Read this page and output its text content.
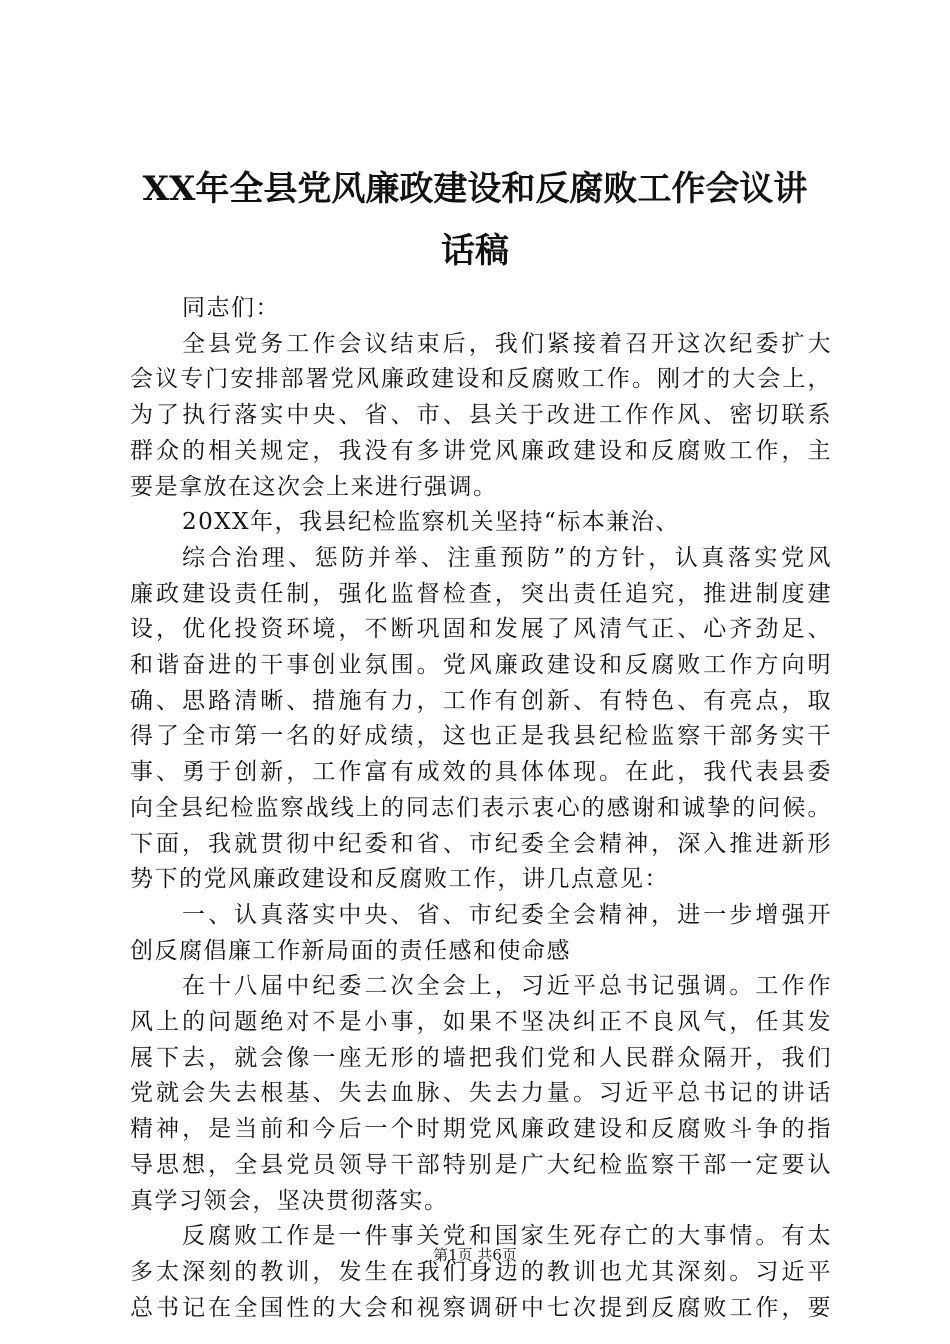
XX年全县党风廉政建设和反腐败工作会议讲
话稿

同志们：

全县党务工作会议结束后，我们紧接着召开这次纪委扩大

会议专门安排部署党风廉政建设和反腐败工作。刚才的大会上，

为了执行落实中央、省、市、县关于改进工作作风、密切联系

群众的相关规定，我没有多讲党风廉政建设和反腐败工作，主

要是拿放在这次会上来进行强调。

20XX年，我县纪检监察机关坚持“标本兼治、

综合治理、惩防并举、注重预防”的方针，认真落实党风

廉政建设责任制，强化监督检查，突出责任追究，推进制度建

设，优化投资环境，不断巩固和发展了风清气正、心齐劲足、

和谐奋进的干事创业氛围。党风廉政建设和反腐败工作方向明

确、思路清晰、措施有力，工作有创新、有特色、有亮点，取

得了全市第一名的好成绩，这也正是我县纪检监察干部务实干

事、勇于创新，工作富有成效的具体体现。在此，我代表县委

向全县纪检监察战线上的同志们表示衷心的感谢和诚挚的问候。

下面，我就贯彻中纪委和省、市纪委全会精神，深入推进新形

势下的党风廉政建设和反腐败工作，讲几点意见：

一、认真落实中央、省、市纪委全会精神，进一步增强开

创反腐倡廉工作新局面的责任感和使命感

在十八届中纪委二次全会上，习近平总书记强调。工作作

风上的问题绝对不是小事，如果不坚决纠正不良风气，任其发

展下去，就会像一座无形的墙把我们党和人民群众隔开，我们

党就会失去根基、失去血脉、失去力量。习近平总书记的讲话

精神，是当前和今后一个时期党风廉政建设和反腐败斗争的指

导思想，全县党员领导干部特别是广大纪检监察干部一定要认

真学习领会，坚决贯彻落实。

反腐败工作是一件事关党和国家生死存亡的大事情。有太

多太深刻的教训，发生在我们身边的教训也尤其深刻。习近平

总书记在全国性的大会和视察调研中七次提到反腐败工作，要

第1页 共6页
